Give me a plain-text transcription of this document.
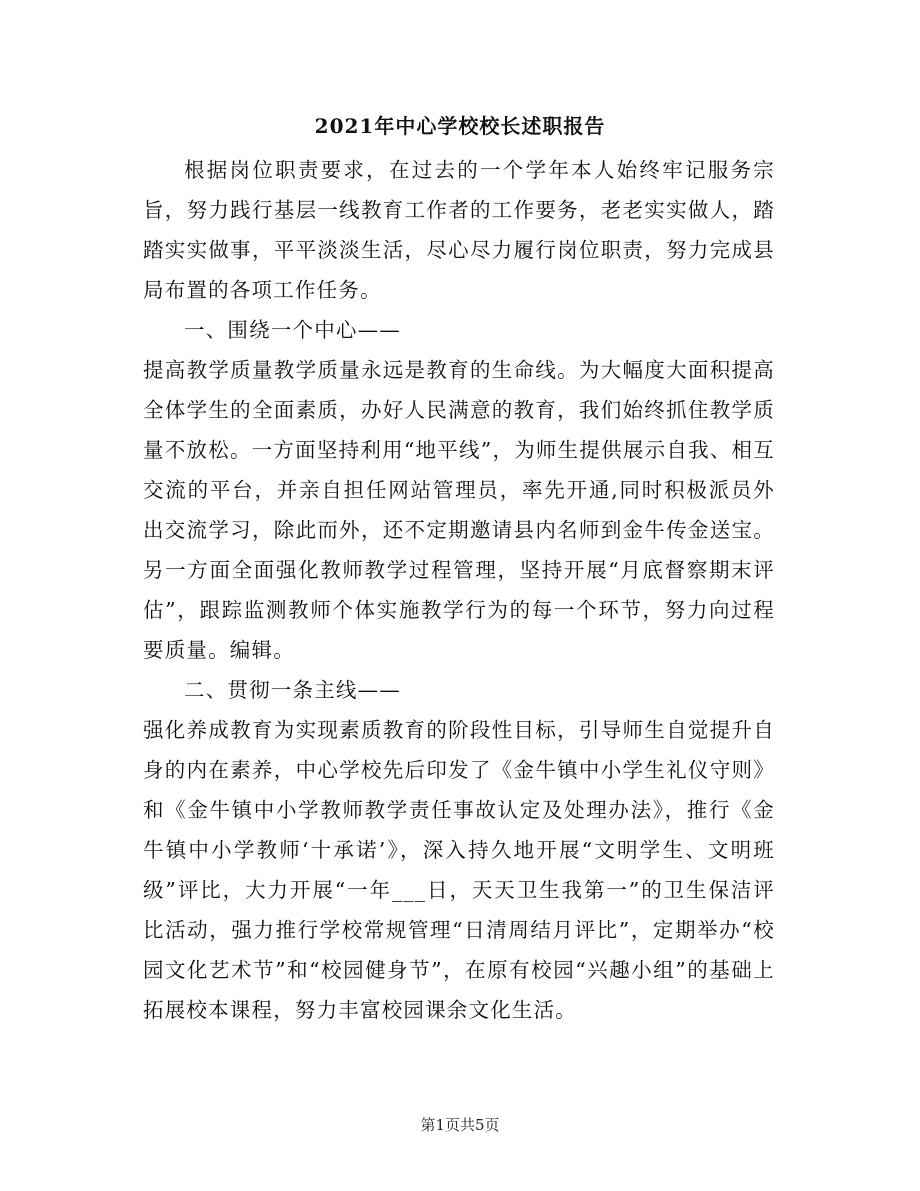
2021年中心学校校长述职报告

根据岗位职责要求，在过去的一个学年本人始终牢记服务宗旨，努力践行基层一线教育工作者的工作要务，老老实实做人，踏踏实实做事，平平淡淡生活，尽心尽力履行岗位职责，努力完成县局布置的各项工作任务。

一、围绕一个中心——

提高教学质量教学质量永远是教育的生命线。为大幅度大面积提高全体学生的全面素质，办好人民满意的教育，我们始终抓住教学质量不放松。一方面坚持利用“地平线”，为师生提供展示自我、相互交流的平台，并亲自担任网站管理员，率先开通,同时积极派员外出交流学习，除此而外，还不定期邀请县内名师到金牛传金送宝。另一方面全面强化教师教学过程管理，坚持开展“月底督察期末评估”，跟踪监测教师个体实施教学行为的每一个环节，努力向过程要质量。编辑。

二、贯彻一条主线——

强化养成教育为实现素质教育的阶段性目标，引导师生自觉提升自身的内在素养，中心学校先后印发了《金牛镇中小学生礼仪守则》和《金牛镇中小学教师教学责任事故认定及处理办法》，推行《金牛镇中小学教师‘十承诺’》，深入持久地开展“文明学生、文明班级”评比，大力开展“一年___日，天天卫生我第一”的卫生保洁评比活动，强力推行学校常规管理“日清周结月评比”，定期举办“校园文化艺术节”和“校园健身节”，在原有校园“兴趣小组”的基础上拓展校本课程，努力丰富校园课余文化生活。

第1页共5页
